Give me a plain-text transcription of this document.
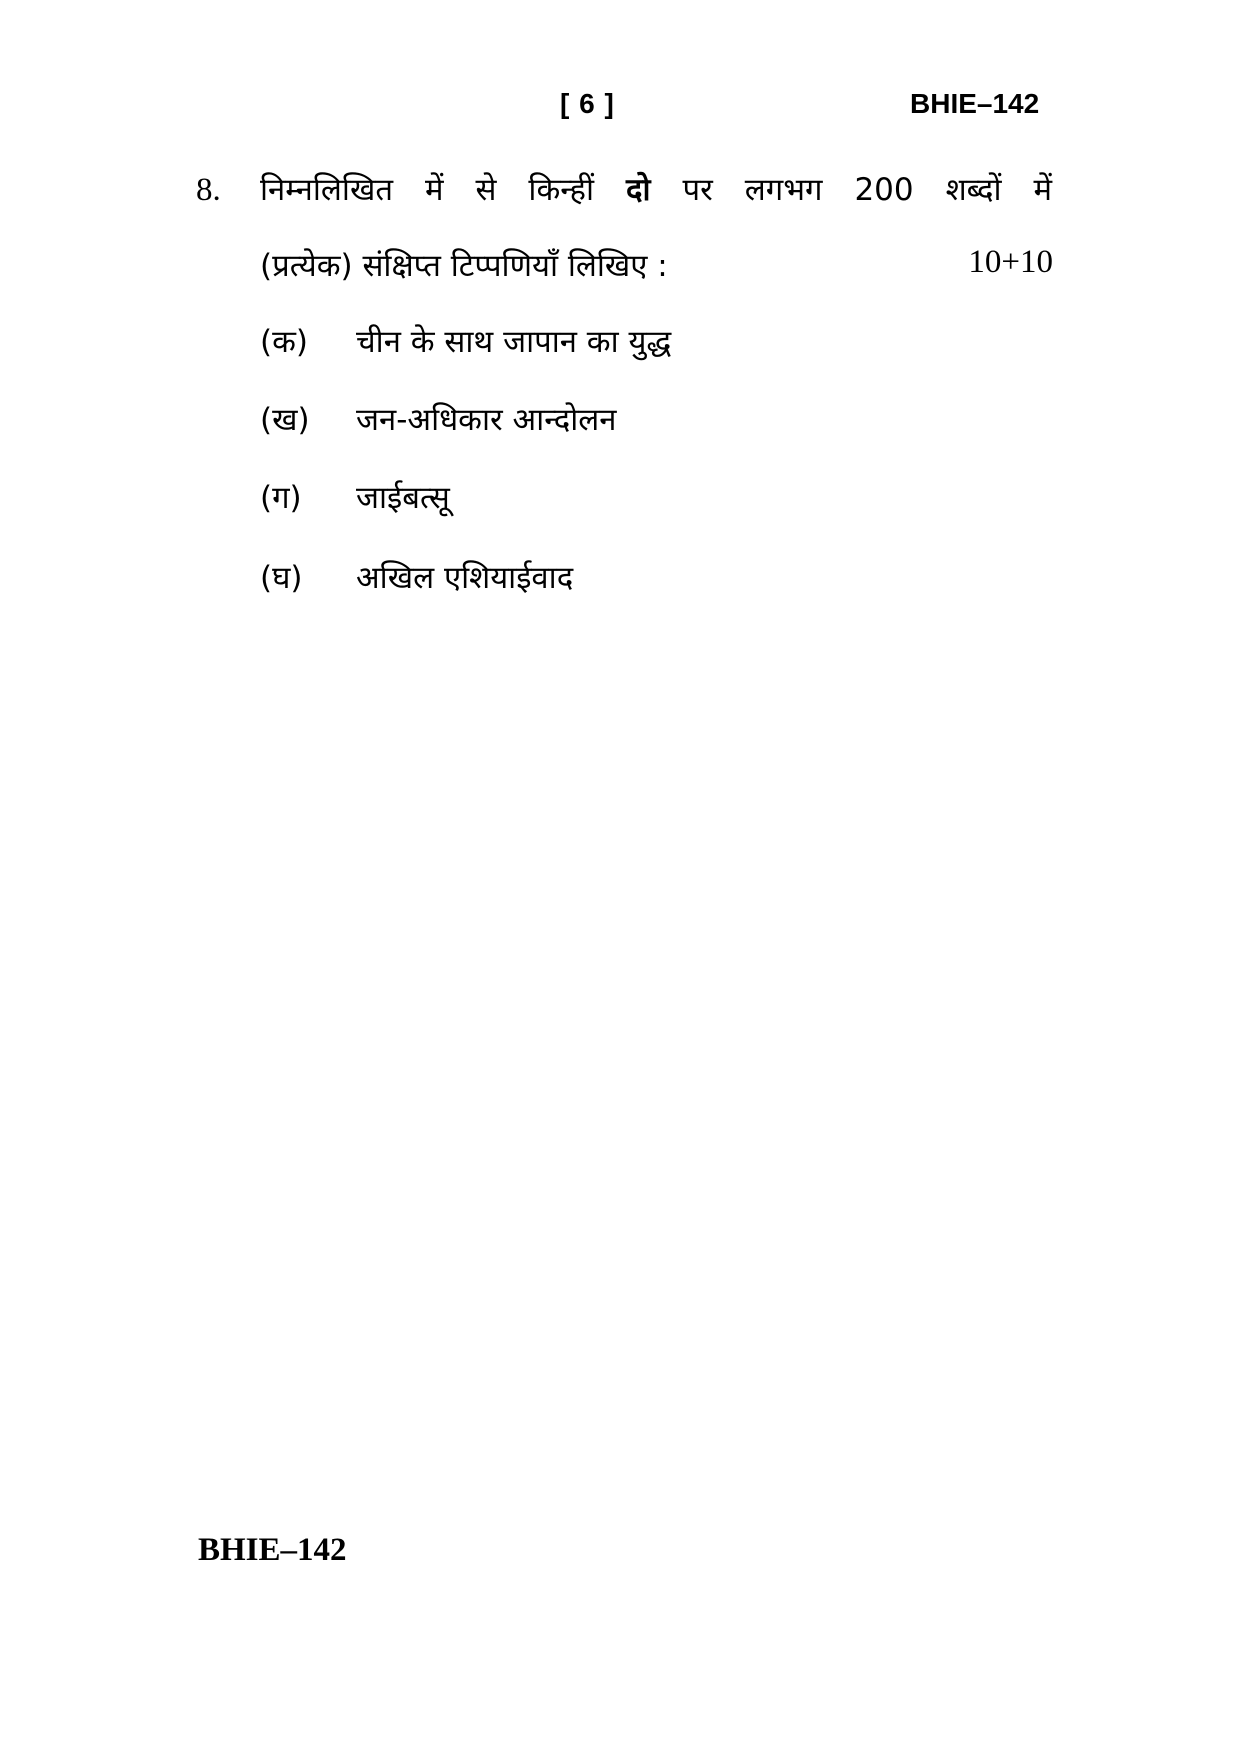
[ 6 ]	BHIE–142
8. निम्नलिखित में से किन्हीं दो पर लगभग 200 शब्दों में
(प्रत्येक) संक्षिप्त टिप्पणियाँ लिखिए :	10+10
(क) चीन के साथ जापान का युद्ध
(ख) जन-अधिकार आन्दोलन
(ग) जाईबत्सू
(घ) अखिल एशियाईवाद
BHIE–142
